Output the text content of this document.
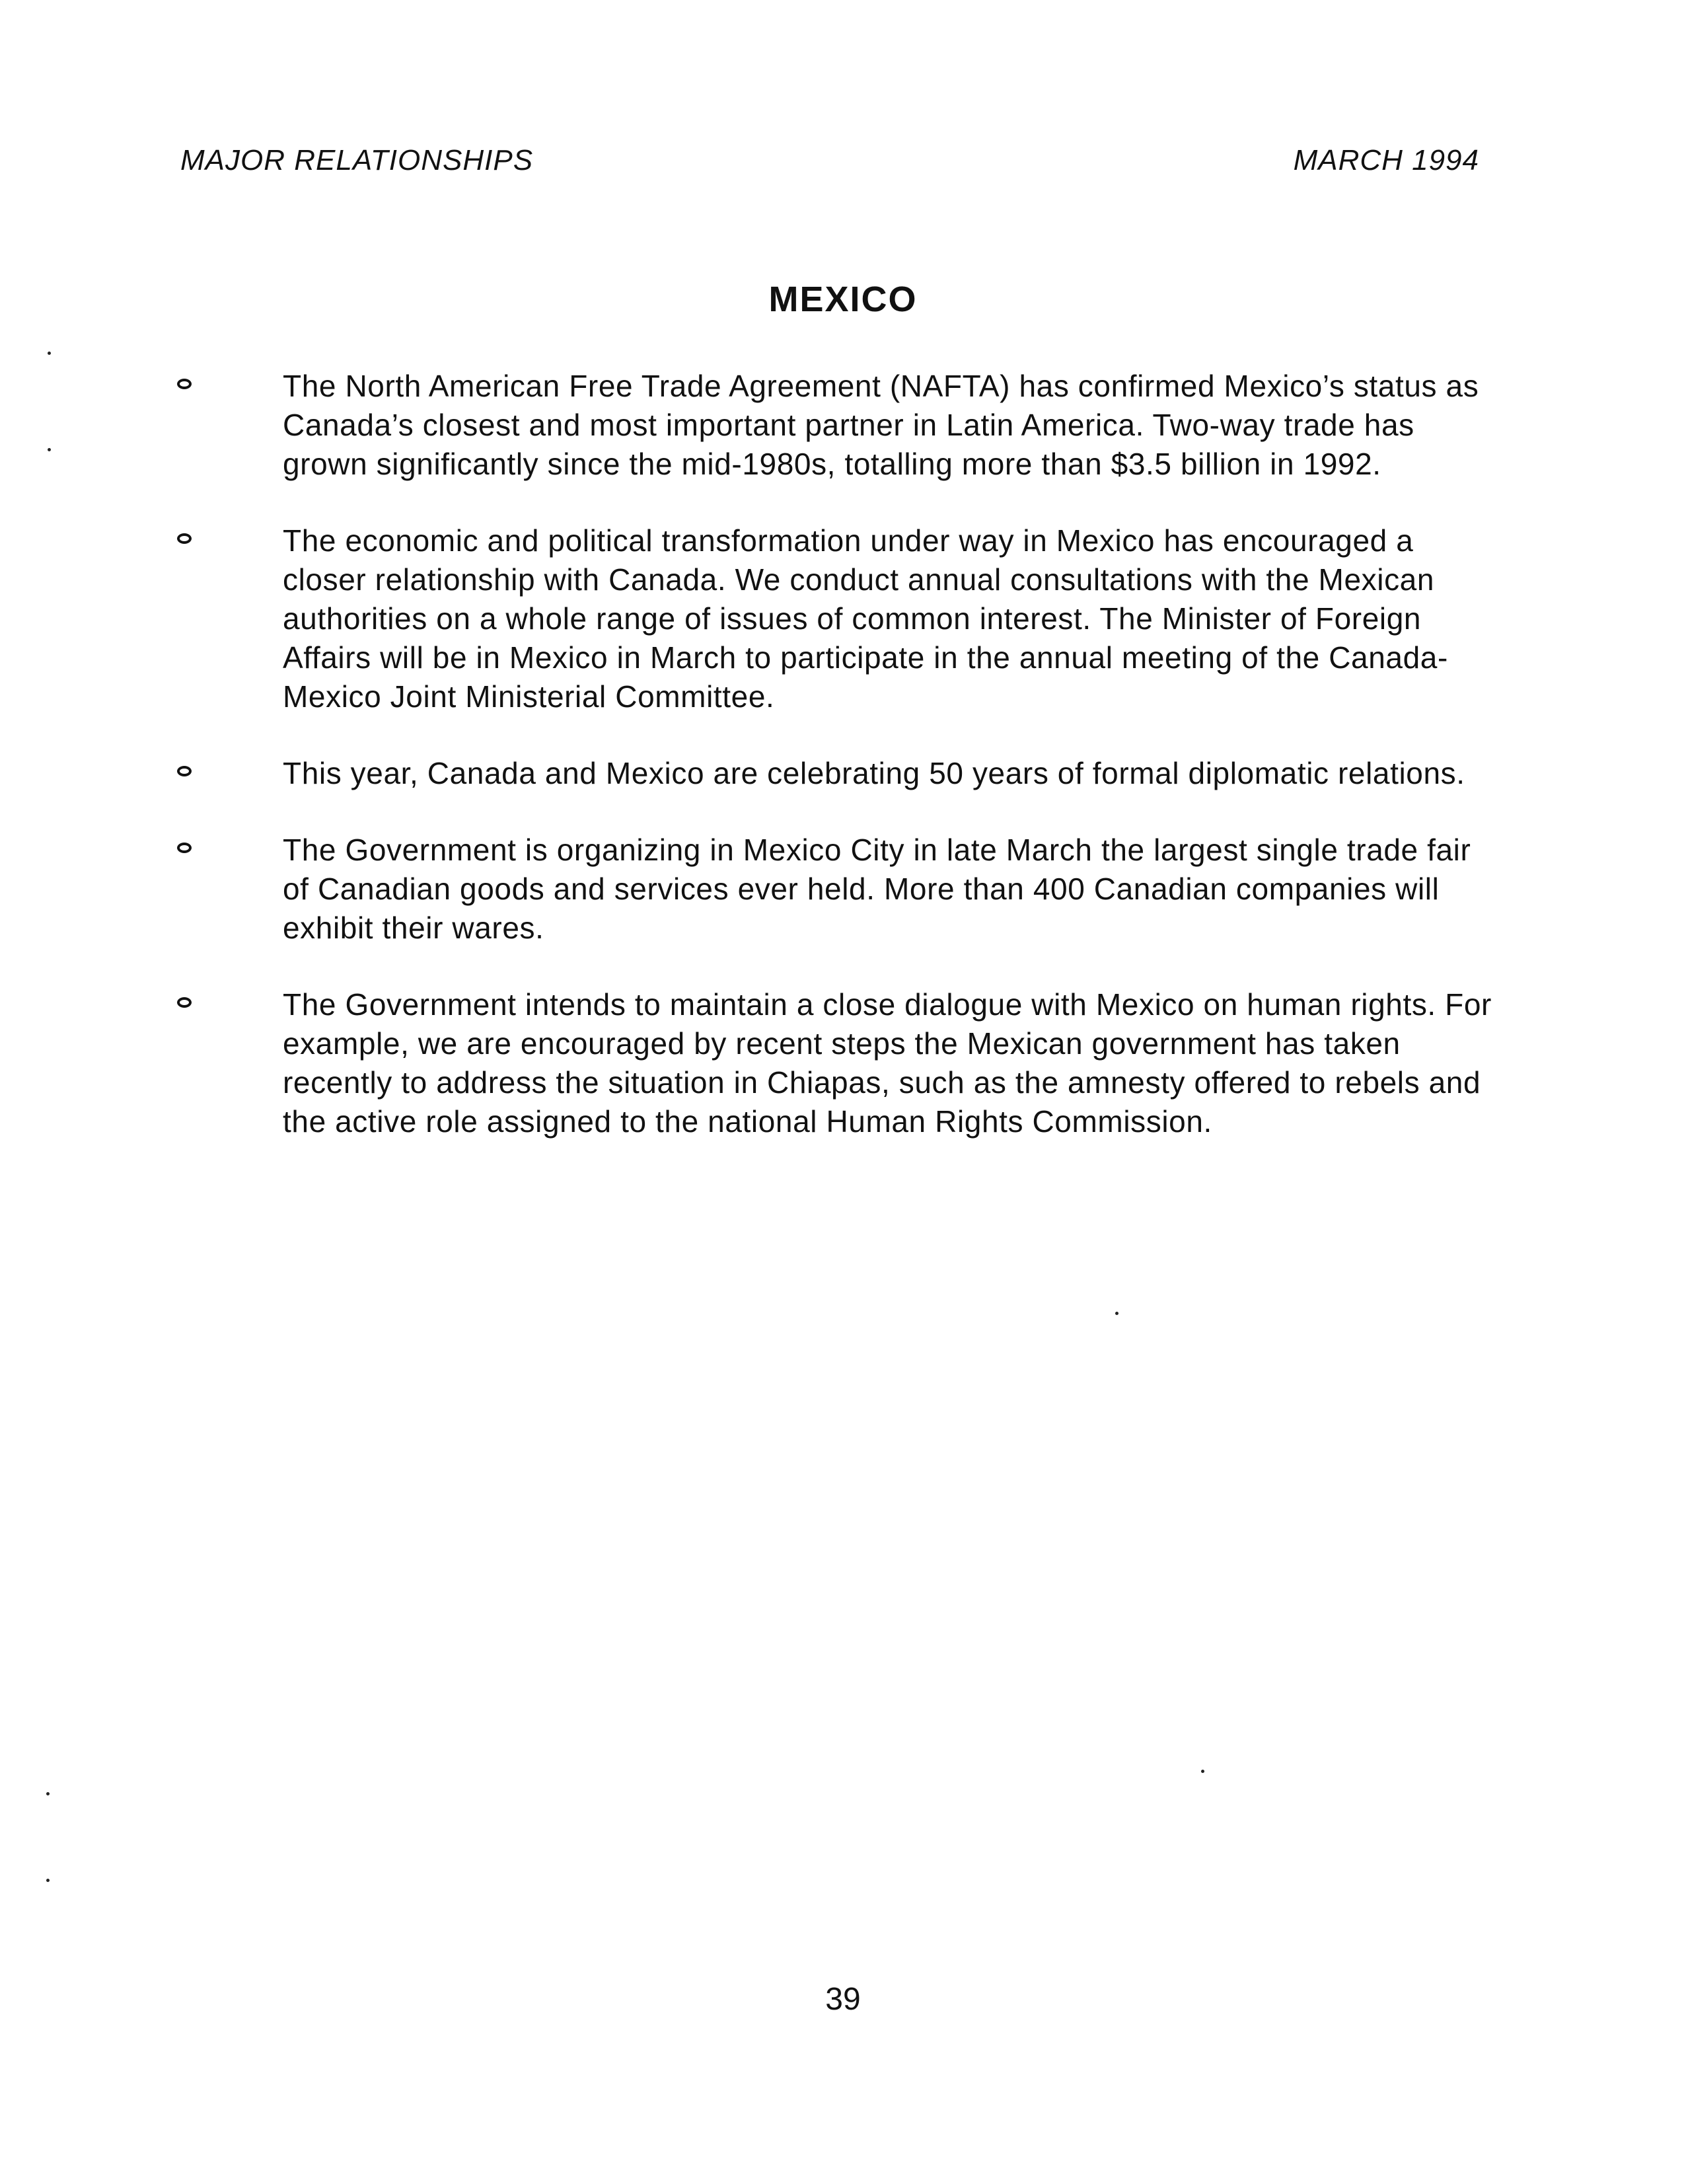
MAJOR RELATIONSHIPS	MARCH 1994
MEXICO
The North American Free Trade Agreement (NAFTA) has confirmed Mexico’s status as Canada’s closest and most important partner in Latin America. Two-way trade has grown significantly since the mid-1980s, totalling more than $3.5 billion in 1992.
The economic and political transformation under way in Mexico has encouraged a closer relationship with Canada. We conduct annual consultations with the Mexican authorities on a whole range of issues of common interest. The Minister of Foreign Affairs will be in Mexico in March to participate in the annual meeting of the Canada-Mexico Joint Ministerial Committee.
This year, Canada and Mexico are celebrating 50 years of formal diplomatic relations.
The Government is organizing in Mexico City in late March the largest single trade fair of Canadian goods and services ever held. More than 400 Canadian companies will exhibit their wares.
The Government intends to maintain a close dialogue with Mexico on human rights. For example, we are encouraged by recent steps the Mexican government has taken recently to address the situation in Chiapas, such as the amnesty offered to rebels and the active role assigned to the national Human Rights Commission.
39
